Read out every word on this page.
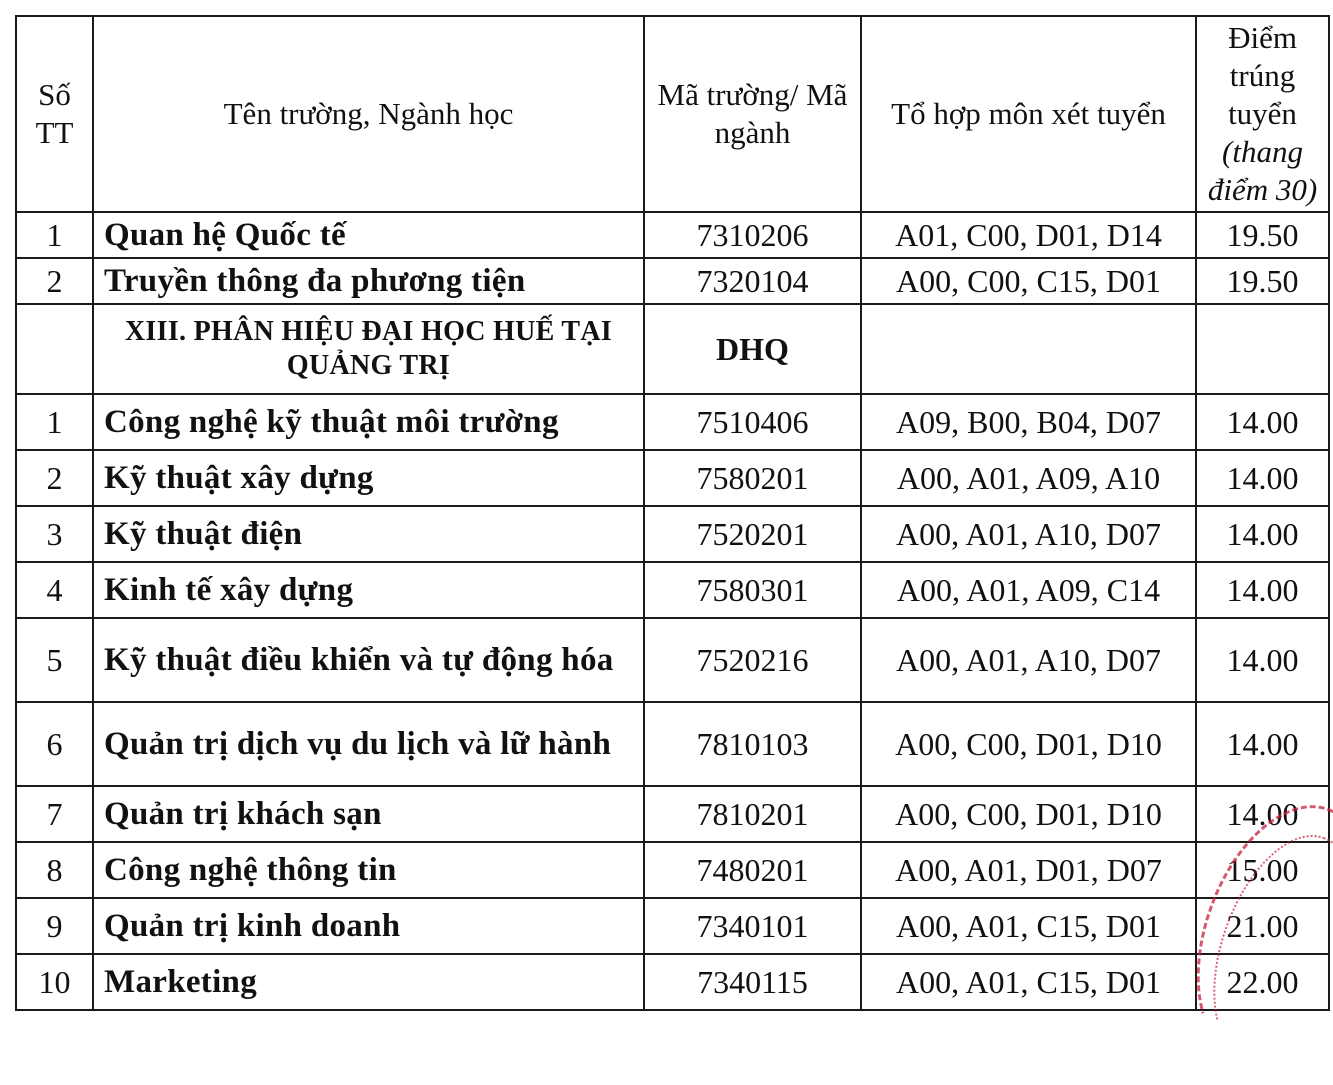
Số TT	Tên trường, Ngành học	Mã trường/ Mã ngành	Tổ hợp môn xét tuyển	Điểm trúng tuyển (thang điểm 30)
1	Quan hệ Quốc tế	7310206	A01, C00, D01, D14	19.50
2	Truyền thông đa phương tiện	7320104	A00, C00, C15, D01	19.50
	XIII. PHÂN HIỆU ĐẠI HỌC HUẾ TẠI QUẢNG TRỊ	DHQ		
1	Công nghệ kỹ thuật môi trường	7510406	A09, B00, B04, D07	14.00
2	Kỹ thuật xây dựng	7580201	A00, A01, A09, A10	14.00
3	Kỹ thuật điện	7520201	A00, A01, A10, D07	14.00
4	Kinh tế xây dựng	7580301	A00, A01, A09, C14	14.00
5	Kỹ thuật điều khiển và tự động hóa	7520216	A00, A01, A10, D07	14.00
6	Quản trị dịch vụ du lịch và lữ hành	7810103	A00, C00, D01, D10	14.00
7	Quản trị khách sạn	7810201	A00, C00, D01, D10	14.00
8	Công nghệ thông tin	7480201	A00, A01, D01, D07	15.00
9	Quản trị kinh doanh	7340101	A00, A01, C15, D01	21.00
10	Marketing	7340115	A00, A01, C15, D01	22.00
